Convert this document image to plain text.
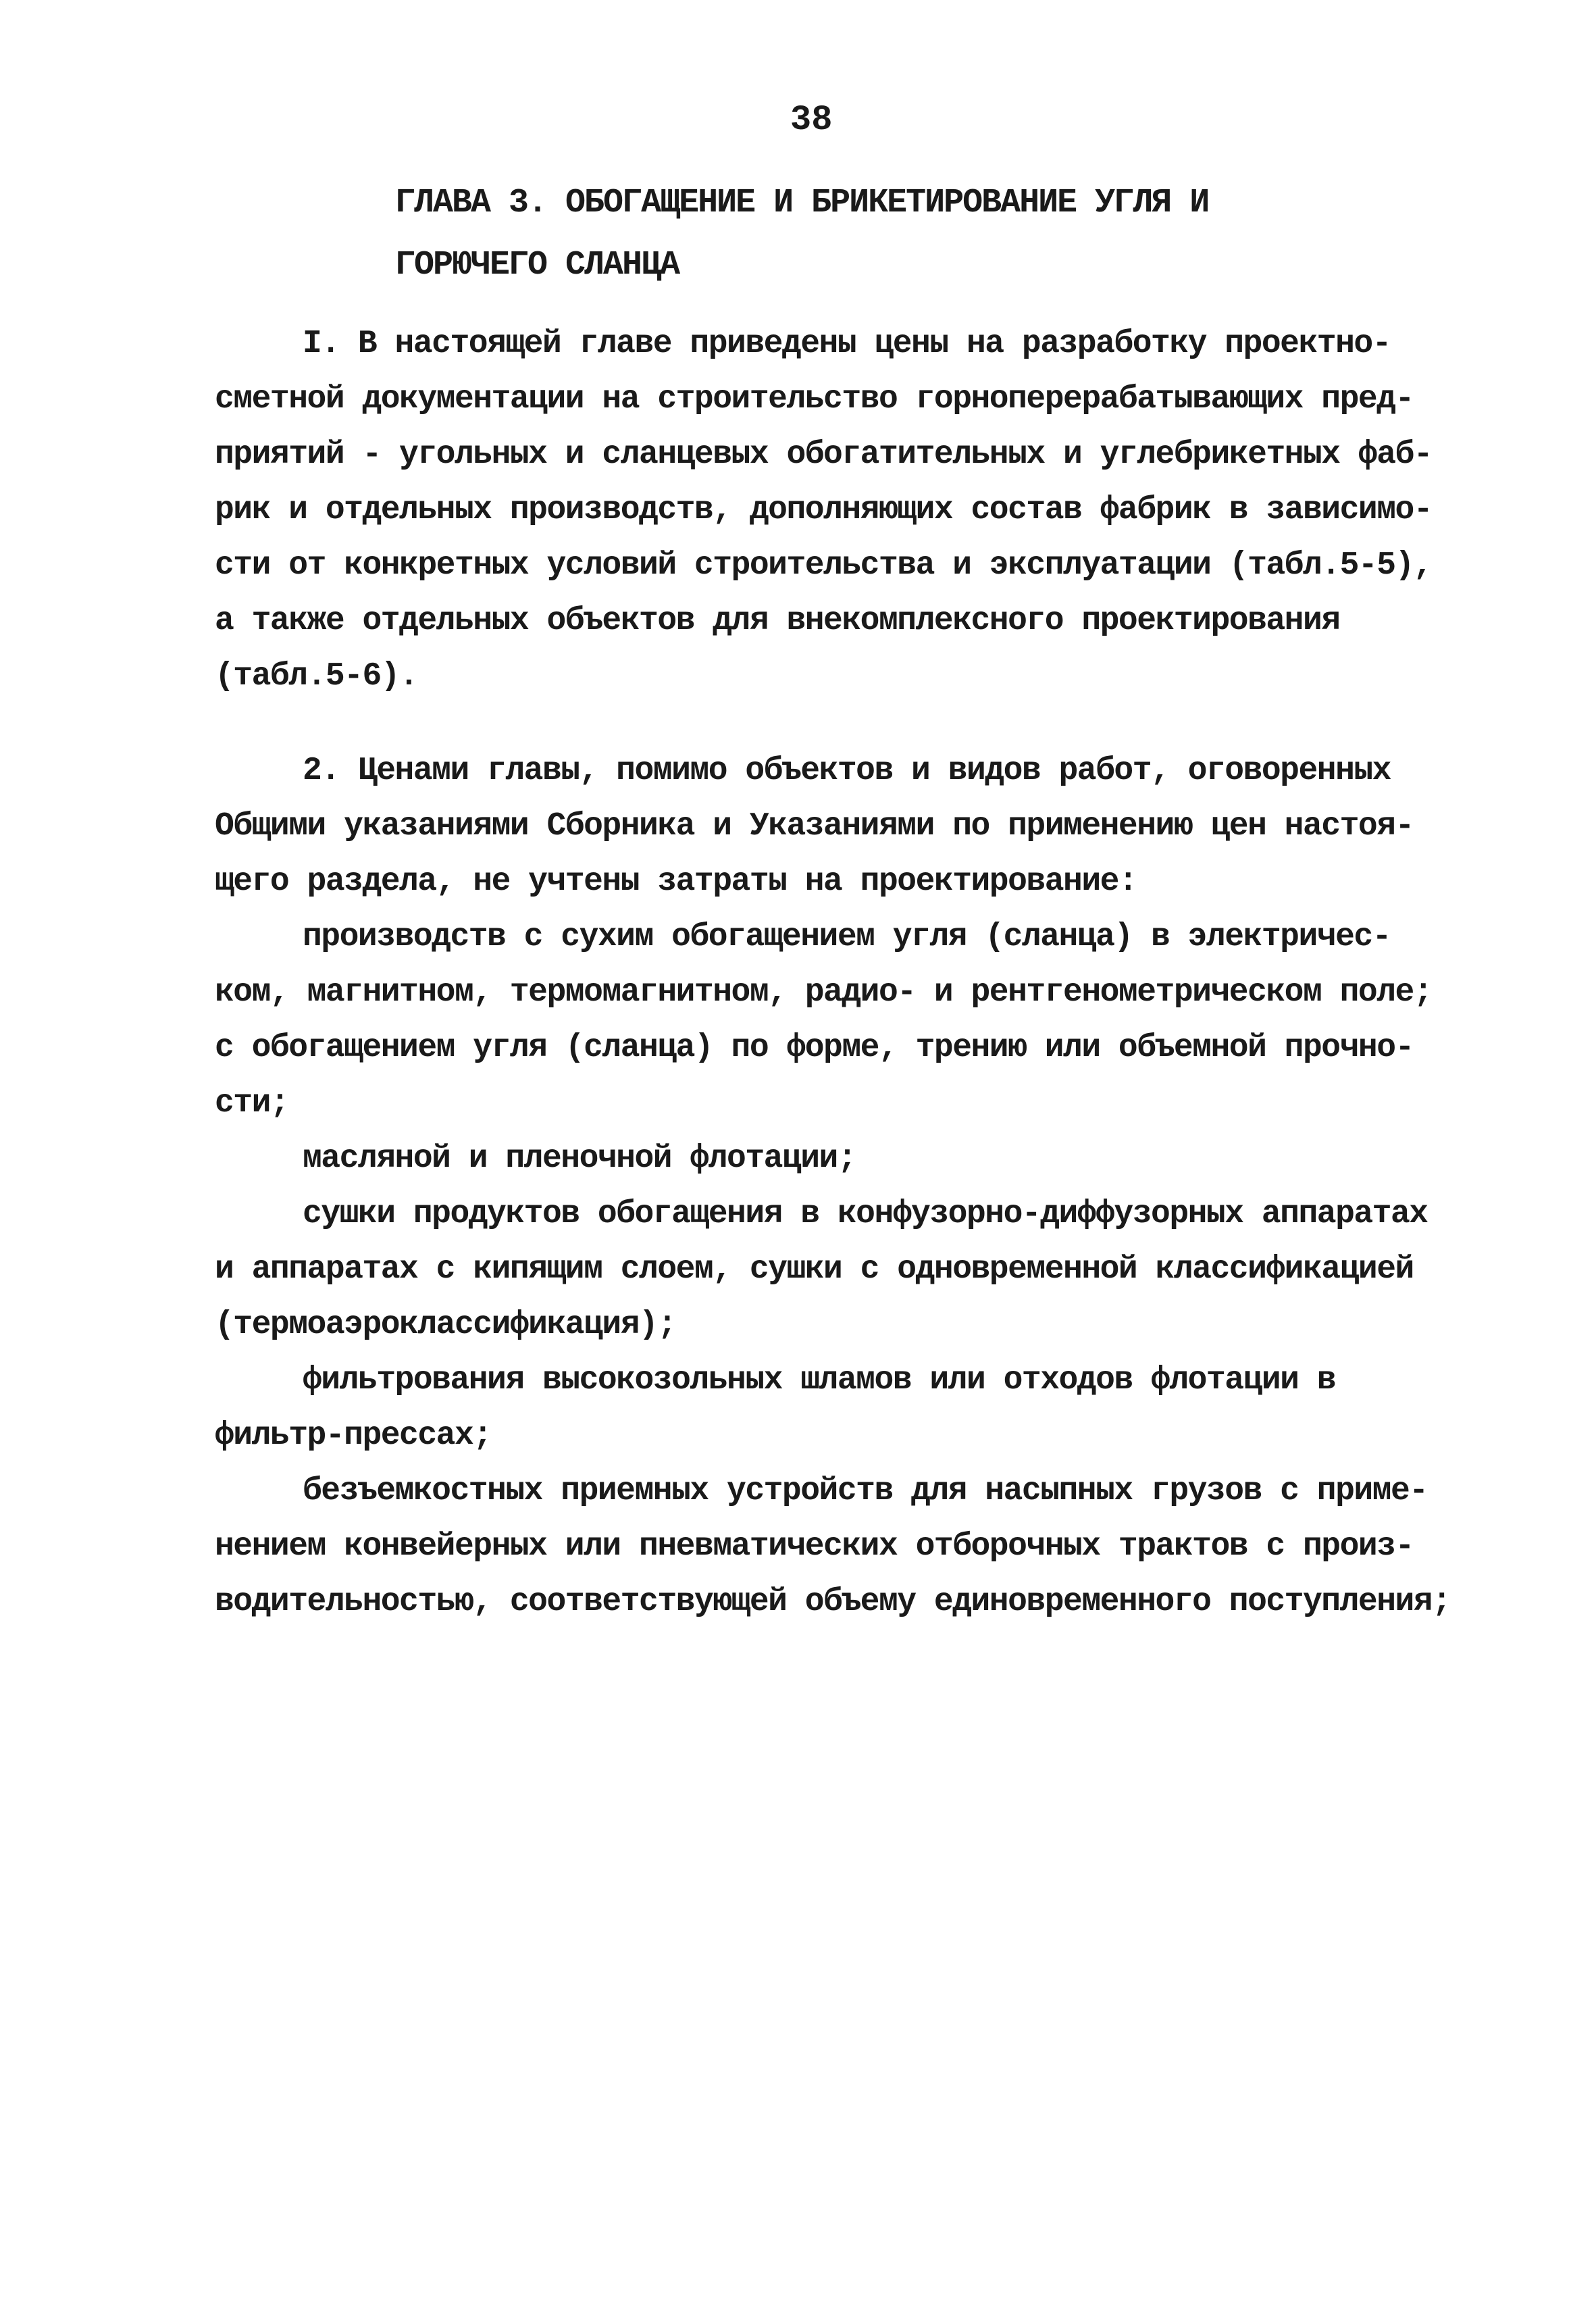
38
ГЛАВА 3. ОБОГАЩЕНИЕ И БРИКЕТИРОВАНИЕ УГЛЯ И
ГОРЮЧЕГО СЛАНЦА
I. В настоящей главе приведены цены на разработку проектно-
сметной документации на строительство горноперерабатывающих пред-
приятий - угольных и сланцевых обогатительных и углебрикетных фаб-
рик и отдельных производств, дополняющих состав фабрик в зависимо-
сти от конкретных условий строительства и эксплуатации (табл.5-5),
а также отдельных объектов для внекомплексного проектирования
(табл.5-6).
2. Ценами главы, помимо объектов и видов работ, оговоренных
Общими указаниями Сборника и Указаниями по применению цен настоя-
щего раздела, не учтены затраты на проектирование:
производств с сухим обогащением угля (сланца) в электричес-
ком, магнитном, термомагнитном, радио- и рентгенометрическом поле;
с обогащением угля (сланца) по форме, трению или объемной прочно-
сти;
масляной и пленочной флотации;
сушки продуктов обогащения в конфузорно-диффузорных аппаратах
и аппаратах с кипящим слоем, сушки с одновременной классификацией
(термоаэроклассификация);
фильтрования высокозольных шламов или отходов флотации в
фильтр-прессах;
безъемкостных приемных устройств для насыпных грузов с приме-
нением конвейерных или пневматических отборочных трактов с произ-
водительностью, соответствующей объему единовременного поступления;
